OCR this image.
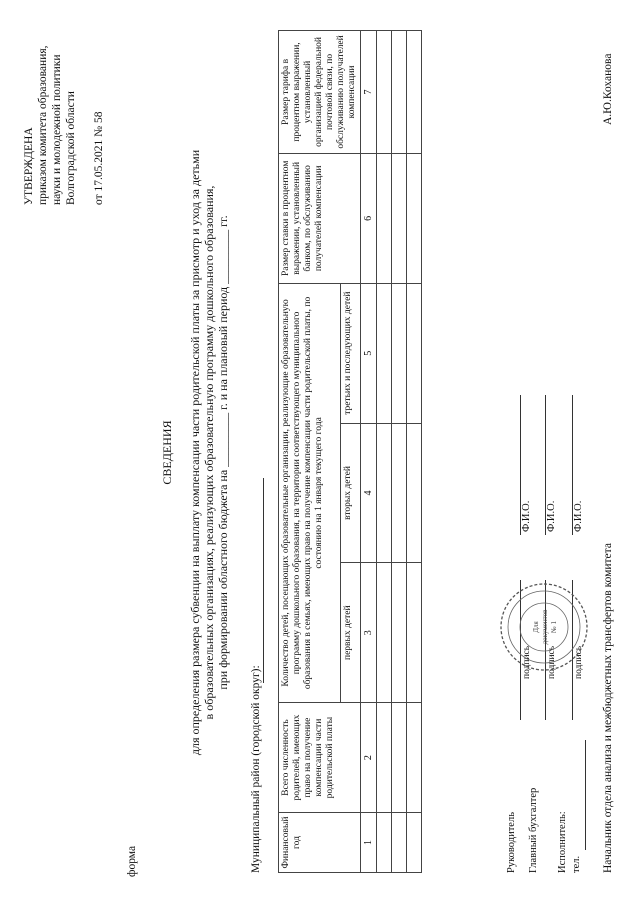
УТВЕРЖДЕНА приказом комитета образования, науки и молодежной политики Волгоградской области от 17.05.2021 № 58
форма
СВЕДЕНИЯ для определения размера субвенции на выплату компенсации части родительской платы за присмотр и уход за детьми в образовательных организациях, реализующих образовательную программу дошкольного образования, при формировании областного бюджета на _________ г. и на плановый период _________ гг.
Муниципальный район (городской округ): Финансовый год	Всего численность родителей, имеющих право на получение компенсации части родительской платы	Количество детей, посещающих образовательные организации, реализующие образовательную программу дошкольного образования, на территории соответствующего муниципального образования в семьях, имеющих право на получение компенсации части родительской платы, по состоянию на 1 января текущего года			Размер ставки в процентном выражении, установленный банком, по обслуживанию получателей компенсации	Размер тарифа в процентном выражении, установленный организацией федеральной почтовой связи, по обслуживанию получателей компенсации
		первых детей	вторых детей	третьих и последующих детей		
1	2	3	4	5	6	7

Руководитель
Ф.И.О.
Главный бухгалтер
подпись
Ф.И.О.
Исполнитель:
подпись
Ф.И.О.
подпись
тел.
Для документов № 1	Начальник отдела анализа и межбюджетных трансфертов комитета
А.Ю.Коханова
